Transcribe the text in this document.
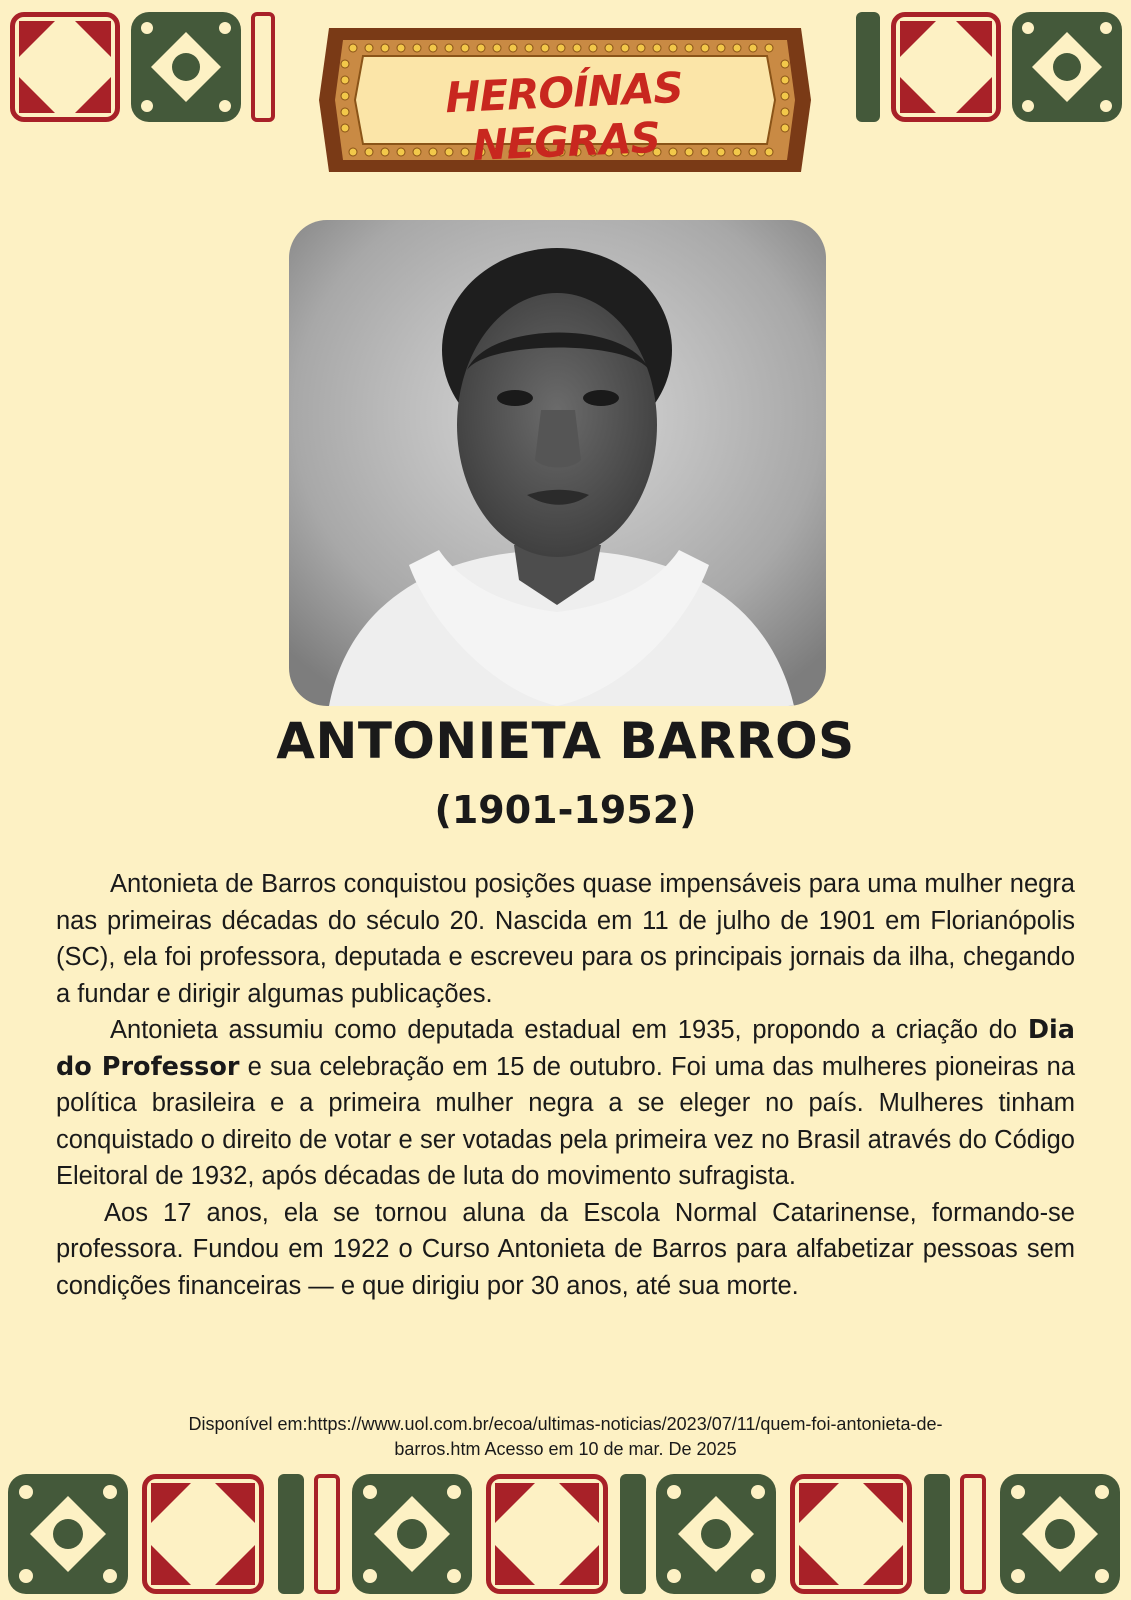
HEROÍNAS NEGRAS
ANTONIETA BARROS
(1901-1952)

Antonieta de Barros conquistou posições quase impensáveis para uma mulher negra nas primeiras décadas do século 20. Nascida em 11 de julho de 1901 em Florianópolis (SC), ela foi professora, deputada e escreveu para os principais jornais da ilha, chegando a fundar e dirigir algumas publicações.

Antonieta assumiu como deputada estadual em 1935, propondo a criação do Dia do Professor e sua celebração em 15 de outubro. Foi uma das mulheres pioneiras na política brasileira e a primeira mulher negra a se eleger no país. Mulheres tinham conquistado o direito de votar e ser votadas pela primeira vez no Brasil através do Código Eleitoral de 1932, após décadas de luta do movimento sufragista.

Aos 17 anos, ela se tornou aluna da Escola Normal Catarinense, formando-se professora. Fundou em 1922 o Curso Antonieta de Barros para alfabetizar pessoas sem condições financeiras — e que dirigiu por 30 anos, até sua morte.

Disponível em:https://www.uol.com.br/ecoa/ultimas-noticias/2023/07/11/quem-foi-antonieta-de-
barros.htm Acesso em 10 de mar. De 2025
